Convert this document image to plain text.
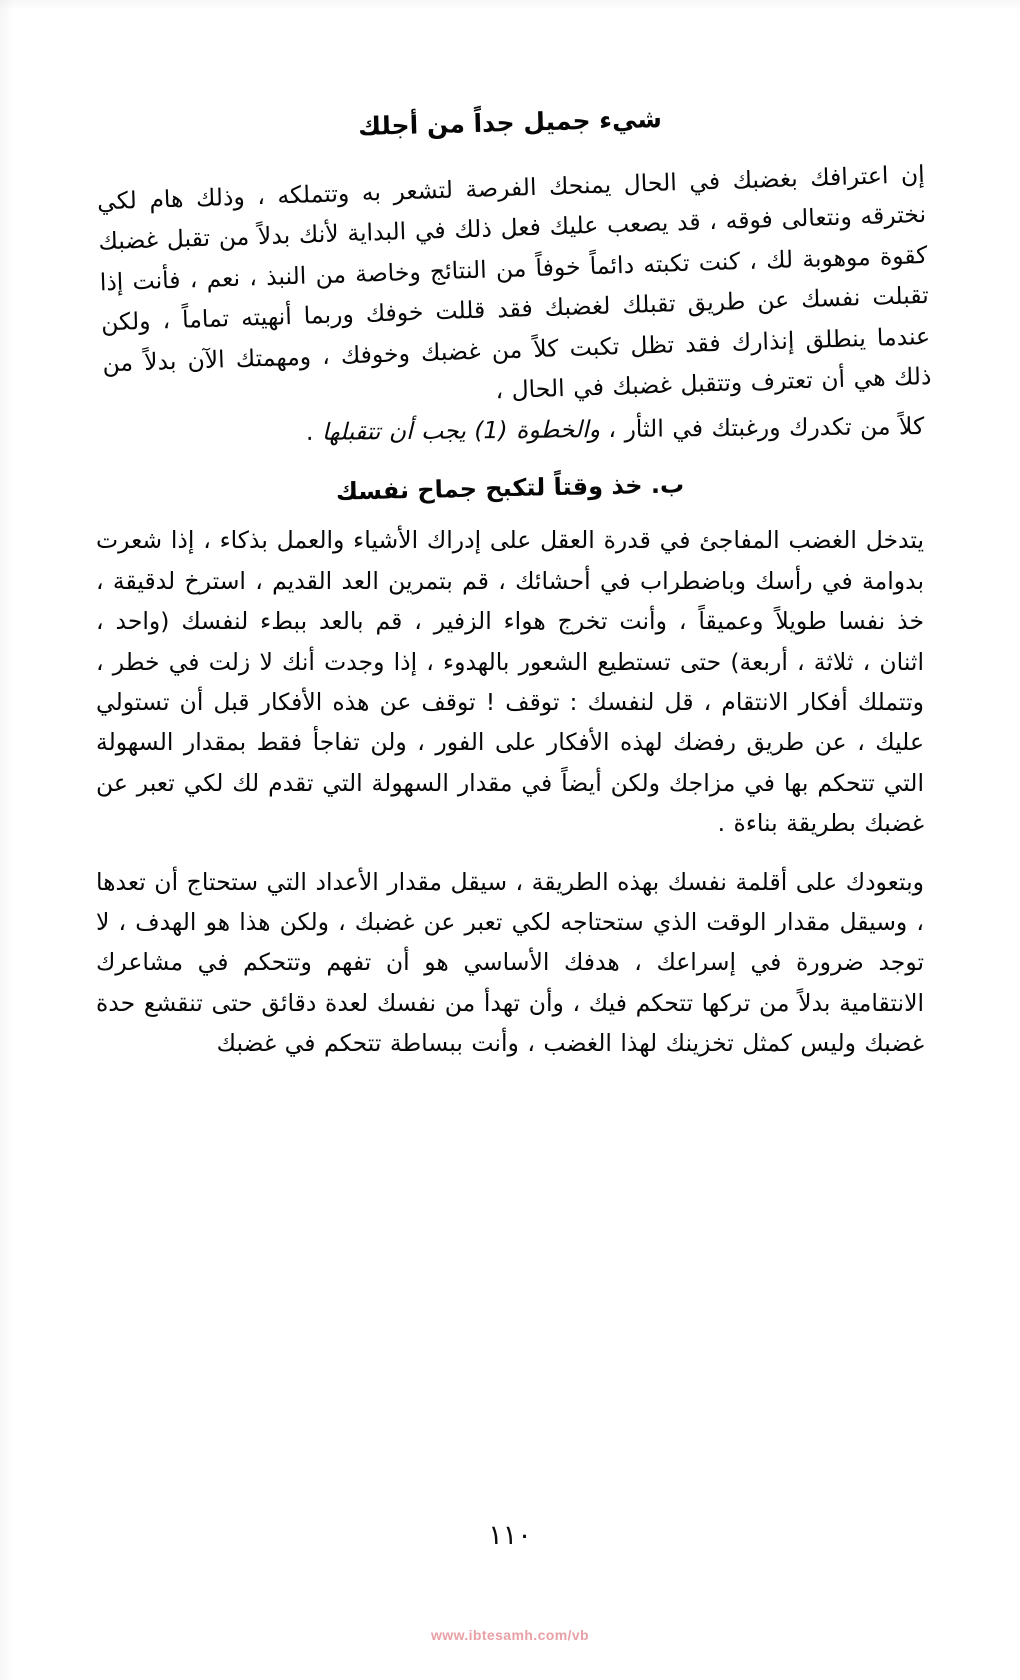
شيء جميل جداً من أجلك

إن اعترافك بغضبك في الحال يمنحك الفرصة لتشعر به وتتملكه ، وذلك هام لكي نخترقه ونتعالى فوقه ، قد يصعب عليك فعل ذلك في البداية لأنك بدلاً من تقبل غضبك كقوة موهوبة لك ، كنت تكبته دائماً خوفاً من النتائج وخاصة من النبذ ، نعم ، فأنت إذا تقبلت نفسك عن طريق تقبلك لغضبك فقد قللت خوفك وربما أنهيته تماماً ، ولكن عندما ينطلق إنذارك فقد تظل تكبت كلاً من غضبك وخوفك ، ومهمتك الآن بدلاً من ذلك هي أن تعترف وتتقبل غضبك في الحال ،

كلاً من تكدرك ورغبتك في الثأر ، والخطوة (1) يجب أن تتقبلها .

ب. خذ وقتاً لتكبح جماح نفسك

يتدخل الغضب المفاجئ في قدرة العقل على إدراك الأشياء والعمل بذكاء ، إذا شعرت بدوامة في رأسك وباضطراب في أحشائك ، قم بتمرين العد القديم ، استرخ لدقيقة ، خذ نفسا طويلاً وعميقاً ، وأنت تخرج هواء الزفير ، قم بالعد ببطء لنفسك (واحد ، اثنان ، ثلاثة ، أربعة) حتى تستطيع الشعور بالهدوء ، إذا وجدت أنك لا زلت في خطر ، وتتملك أفكار الانتقام ، قل لنفسك : توقف ! توقف عن هذه الأفكار قبل أن تستولي عليك ، عن طريق رفضك لهذه الأفكار على الفور ، ولن تفاجأ فقط بمقدار السهولة التي تتحكم بها في مزاجك ولكن أيضاً في مقدار السهولة التي تقدم لك لكي تعبر عن غضبك بطريقة بناءة .

وبتعودك على أقلمة نفسك بهذه الطريقة ، سيقل مقدار الأعداد التي ستحتاج أن تعدها ، وسيقل مقدار الوقت الذي ستحتاجه لكي تعبر عن غضبك ، ولكن هذا هو الهدف ، لا توجد ضرورة في إسراعك ، هدفك الأساسي هو أن تفهم وتتحكم في مشاعرك الانتقامية بدلاً من تركها تتحكم فيك ، وأن تهدأ من نفسك لعدة دقائق حتى تنقشع حدة غضبك وليس كمثل تخزينك لهذا الغضب ، وأنت ببساطة تتحكم في غضبك

١١٠
www.ibtesamh.com/vb
